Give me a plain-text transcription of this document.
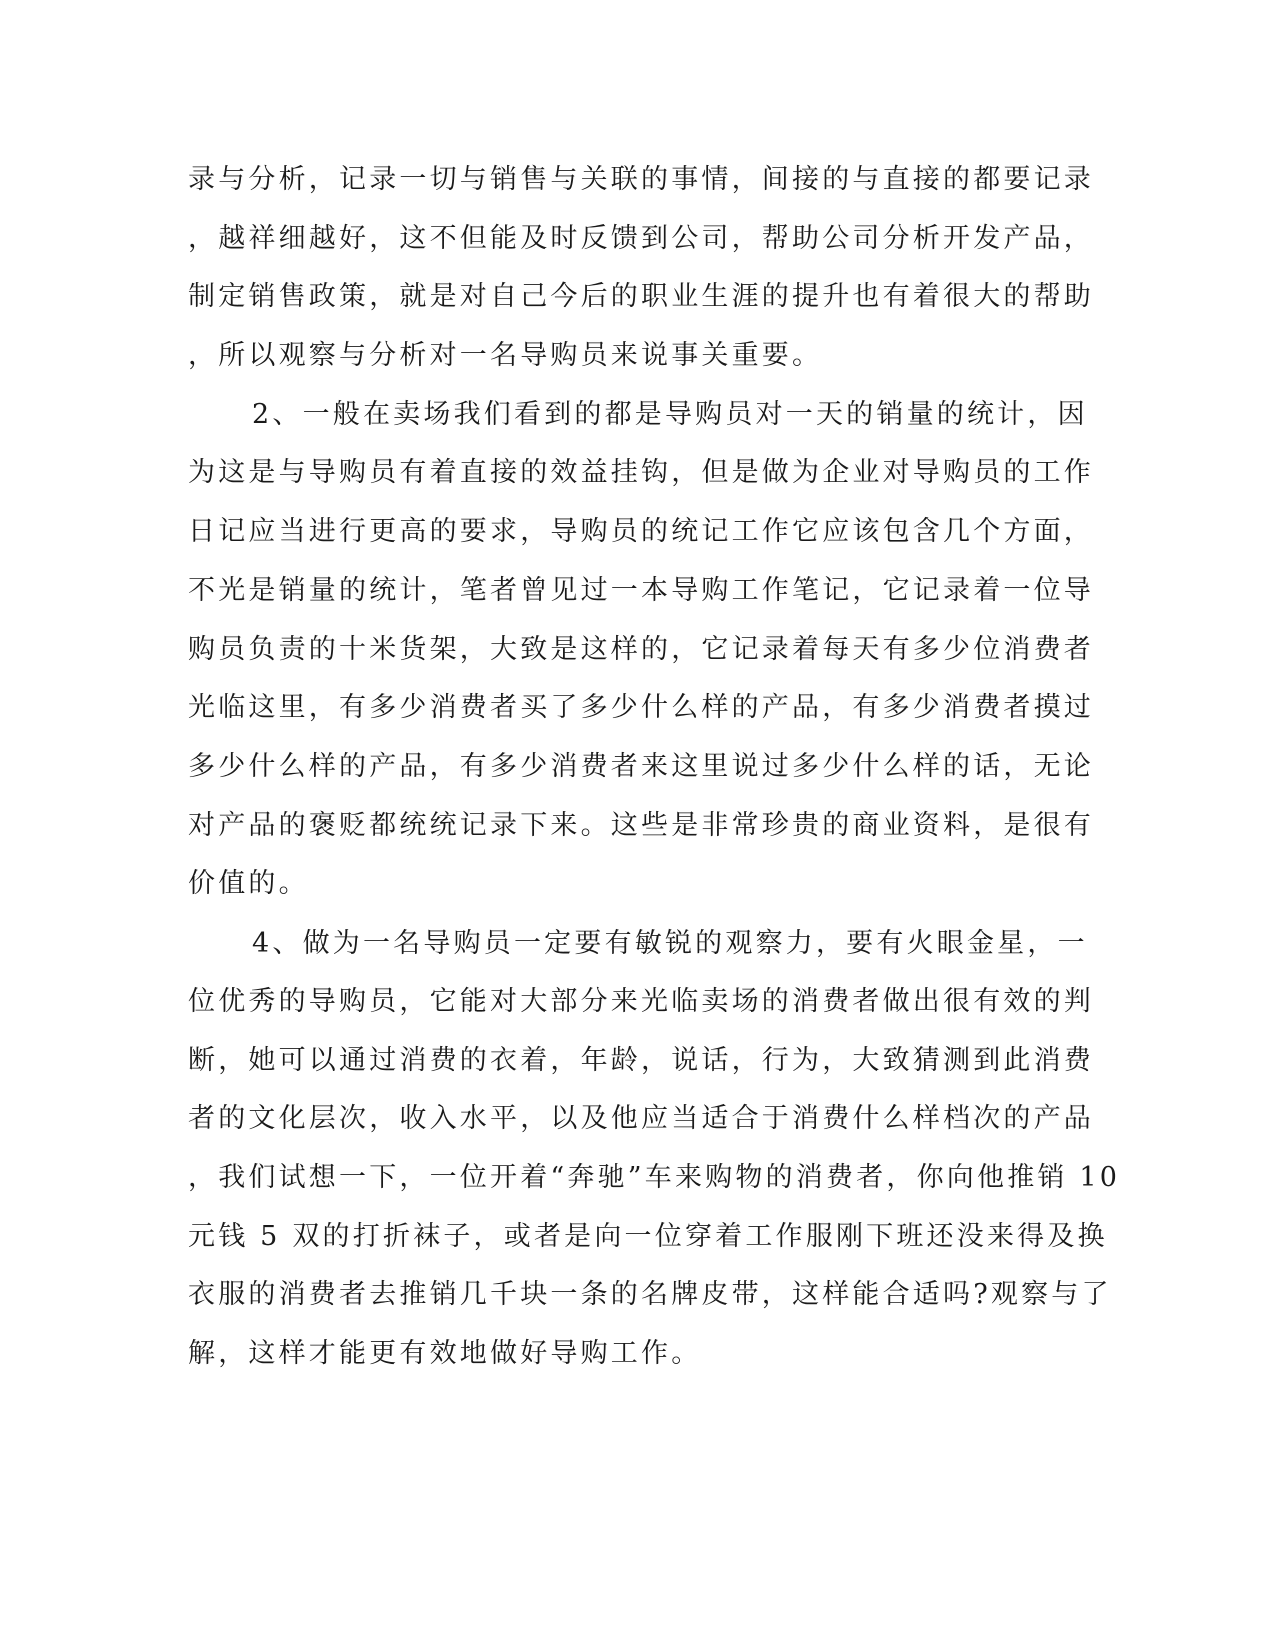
录与分析，记录一切与销售与关联的事情，间接的与直接的都要记录
，越祥细越好，这不但能及时反馈到公司，帮助公司分析开发产品，
制定销售政策，就是对自己今后的职业生涯的提升也有着很大的帮助
，所以观察与分析对一名导购员来说事关重要。
2、一般在卖场我们看到的都是导购员对一天的销量的统计，因
为这是与导购员有着直接的效益挂钩，但是做为企业对导购员的工作
日记应当进行更高的要求，导购员的统记工作它应该包含几个方面，
不光是销量的统计，笔者曾见过一本导购工作笔记，它记录着一位导
购员负责的十米货架，大致是这样的，它记录着每天有多少位消费者
光临这里，有多少消费者买了多少什么样的产品，有多少消费者摸过
多少什么样的产品，有多少消费者来这里说过多少什么样的话，无论
对产品的褒贬都统统记录下来。这些是非常珍贵的商业资料，是很有
价值的。
4、做为一名导购员一定要有敏锐的观察力，要有火眼金星，一
位优秀的导购员，它能对大部分来光临卖场的消费者做出很有效的判
断，她可以通过消费的衣着，年龄，说话，行为，大致猜测到此消费
者的文化层次，收入水平，以及他应当适合于消费什么样档次的产品
，我们试想一下，一位开着“奔驰”车来购物的消费者，你向他推销 10
元钱 5 双的打折袜子，或者是向一位穿着工作服刚下班还没来得及换
衣服的消费者去推销几千块一条的名牌皮带，这样能合适吗?观察与了
解，这样才能更有效地做好导购工作。
